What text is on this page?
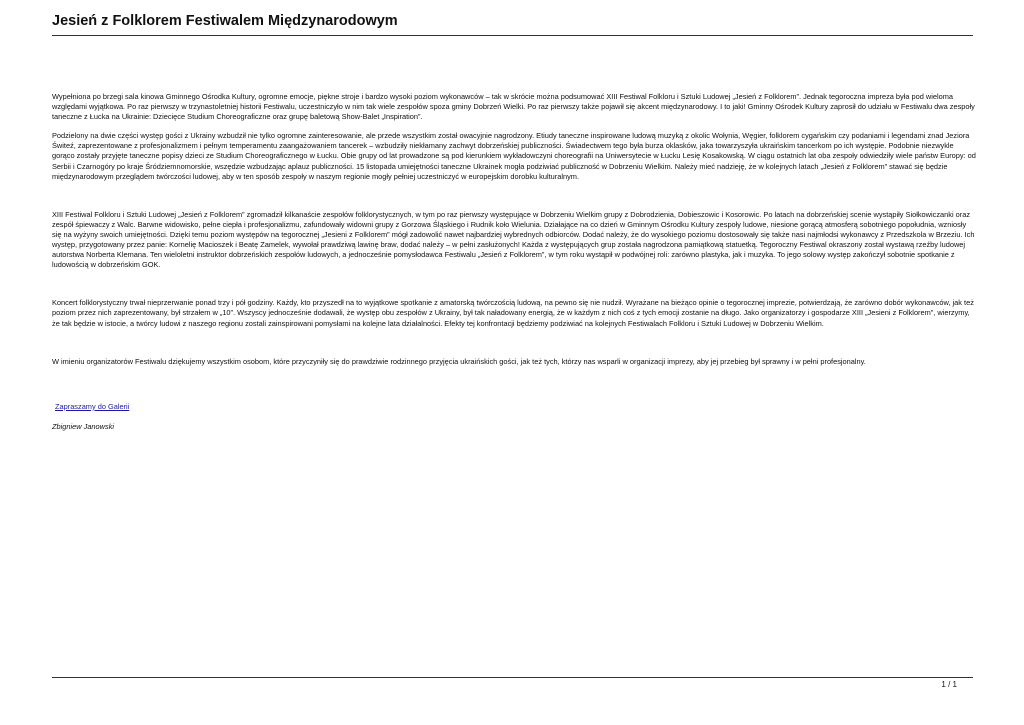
Jesień z Folklorem Festiwalem Międzynarodowym

Wypełniona po brzegi sala kinowa Gminnego Ośrodka Kultury, ogromne emocje, piękne stroje i bardzo wysoki poziom wykonawców – tak w skrócie można podsumować XIII Festiwal Folkloru i Sztuki Ludowej „Jesień z Folklorem”. Jednak tegoroczna impreza była pod wieloma względami wyjątkowa. Po raz pierwszy w trzynastoletniej historii Festiwalu, uczestniczyło w nim tak wiele zespołów spoza gminy Dobrzeń Wielki. Po raz pierwszy także pojawił się akcent międzynarodowy. I to jaki! Gminny Ośrodek Kultury zaprosił do udziału w Festiwalu dwa zespoły taneczne z Łucka na Ukrainie: Dziecięce Studium Choreograficzne oraz grupę baletową Show-Balet „Inspiration”.

Podzielony na dwie części występ gości z Ukrainy wzbudził nie tylko ogromne zainteresowanie, ale przede wszystkim został owacyjnie nagrodzony. Etiudy taneczne inspirowane ludową muzyką z okolic Wołynia, Węgier, folklorem cygańskim czy podaniami i legendami znad Jeziora Świteź, zaprezentowane z profesjonalizmem i pełnym temperamentu zaangażowaniem tancerek – wzbudziły niekłamany zachwyt dobrzeńskiej publiczności. Świadectwem tego była burza oklasków, jaka towarzyszyła ukraińskim tancerkom po ich występie. Podobnie niezwykle gorąco zostały przyjęte taneczne popisy dzieci ze Studium Choreograficznego w Łucku. Obie grupy od lat prowadzone są pod kierunkiem wykładowczyni choreografii na Uniwersytecie w Łucku Lesię Kosakowską. W ciągu ostatnich lat oba zespoły odwiedziły wiele państw Europy: od Serbii i Czarnogóry po kraje Śródziemnomorskie, wszędzie wzbudzając aplauz publiczności. 15 listopada umiejętności taneczne Ukrainek mogła podziwiać publiczność w Dobrzeniu Wielkim. Należy mieć nadzieję, że w kolejnych latach „Jesień z Folklorem” stawać się będzie międzynarodowym przeglądem twórczości ludowej, aby w ten sposób zespoły w naszym regionie mogły pełniej uczestniczyć w europejskim dorobku kulturalnym.

XIII Festiwal Folkloru i Sztuki Ludowej „Jesień z Folklorem” zgromadził kilkanaście zespołów folklorystycznych, w tym po raz pierwszy występujące w Dobrzeniu Wielkim grupy z Dobrodzienia, Dobieszowic i Kosorowic. Po latach na dobrzeńskiej scenie wystąpiły Siołkowiczanki oraz zespół śpiewaczy z Walc. Barwne widowisko, pełne ciepła i profesjonalizmu, zafundowały widowni grupy z Gorzowa Śląskiego i Rudnik koło Wielunia. Działające na co dzień w Gminnym Ośrodku Kultury zespoły ludowe, niesione gorącą atmosferą sobotniego popołudnia, wzniosły się na wyżyny swoich umiejętności. Dzięki temu poziom występów na tegorocznej „Jesieni z Folklorem” mógł zadowolić nawet najbardziej wybrednych odbiorców. Dodać należy, że do wysokiego poziomu dostosowały się także nasi najmłodsi wykonawcy z Przedszkola w Brzeziu. Ich występ, przygotowany przez panie: Kornelię Macioszek i Beatę Zamelek, wywołał prawdziwą lawinę braw, dodać należy – w pełni zasłużonych! Każda z występujących grup została nagrodzona pamiątkową statuetką. Tegoroczny Festiwal okraszony został wystawą rzeźby ludowej autorstwa Norberta Klemana. Ten wieloletni instruktor dobrzeńskich zespołów ludowych, a jednocześnie pomysłodawca Festiwalu „Jesień z Folklorem”, w tym roku wystąpił w podwójnej roli: zarówno plastyka, jak i muzyka. To jego solowy występ zakończył sobotnie spotkanie z ludowością w dobrzeńskim GOK.

Koncert folklorystyczny trwał nieprzerwanie ponad trzy i pół godziny. Każdy, kto przyszedł na to wyjątkowe spotkanie z amatorską twórczością ludową, na pewno się nie nudził. Wyrażane na bieżąco opinie o tegorocznej imprezie, potwierdzają, że zarówno dobór wykonawców, jak też poziom przez nich zaprezentowany, był strzałem w „10”. Wszyscy jednocześnie dodawali, że występ obu zespołów z Ukrainy, był tak naładowany energią, że w każdym z nich coś z tych emocji zostanie na długo. Jako organizatorzy i gospodarze XIII „Jesieni z Folklorem”, wierzymy, że tak będzie w istocie, a twórcy ludowi z naszego regionu zostali zainspirowani pomysłami na kolejne lata działalności. Efekty tej konfrontacji będziemy podziwiać na kolejnych Festiwalach Folkloru i Sztuki Ludowej w Dobrzeniu Wielkim.

W imieniu organizatorów Festiwalu dziękujemy wszystkim osobom, które przyczyniły się do prawdziwie rodzinnego przyjęcia ukraińskich gości, jak też tych, którzy nas wsparli w organizacji imprezy, aby jej przebieg był sprawny i w pełni profesjonalny.

Zapraszamy do Galerii

Zbigniew Janowski

1 / 1
